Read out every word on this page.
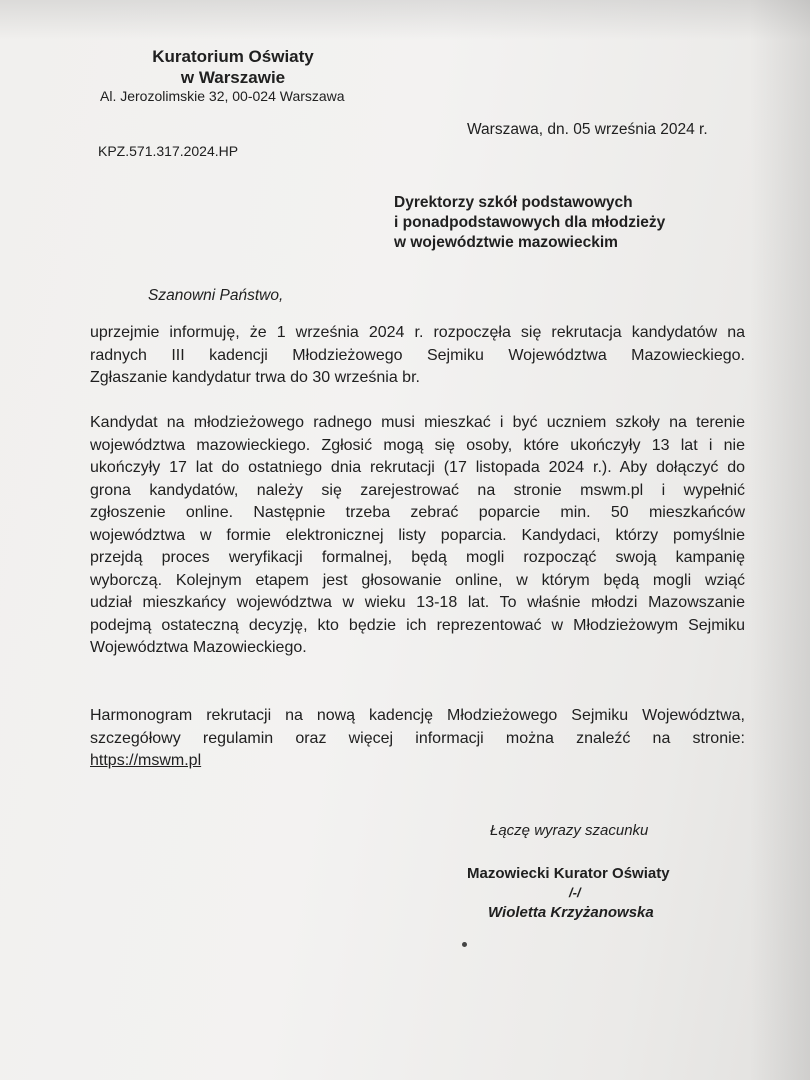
Kuratorium Oświaty
w Warszawie
Al. Jerozolimskie 32, 00-024 Warszawa
Warszawa, dn. 05 września 2024 r.
KPZ.571.317.2024.HP
Dyrektorzy szkół podstawowych
i ponadpodstawowych dla młodzieży
w województwie mazowieckim
Szanowni Państwo,
uprzejmie informuję, że 1 września 2024 r. rozpoczęła się rekrutacja kandydatów na
radnych III kadencji Młodzieżowego Sejmiku Województwa Mazowieckiego.
Zgłaszanie kandydatur trwa do 30 września br.
Kandydat na młodzieżowego radnego musi mieszkać i być uczniem szkoły na terenie
województwa mazowieckiego. Zgłosić mogą się osoby, które ukończyły 13 lat i nie
ukończyły 17 lat do ostatniego dnia rekrutacji (17 listopada 2024 r.). Aby dołączyć do
grona kandydatów, należy się zarejestrować na stronie mswm.pl i wypełnić
zgłoszenie online. Następnie trzeba zebrać poparcie min. 50 mieszkańców
województwa w formie elektronicznej listy poparcia. Kandydaci, którzy pomyślnie
przejdą proces weryfikacji formalnej, będą mogli rozpocząć swoją kampanię
wyborczą. Kolejnym etapem jest głosowanie online, w którym będą mogli wziąć
udział mieszkańcy województwa w wieku 13-18 lat. To właśnie młodzi Mazowszanie
podejmą ostateczną decyzję, kto będzie ich reprezentować w Młodzieżowym Sejmiku
Województwa Mazowieckiego.
Harmonogram rekrutacji na nową kadencję Młodzieżowego Sejmiku Województwa,
szczegółowy regulamin oraz więcej informacji można znaleźć na stronie:
https://mswm.pl
Łączę wyrazy szacunku
Mazowiecki Kurator Oświaty
/-/
Wioletta Krzyżanowska
